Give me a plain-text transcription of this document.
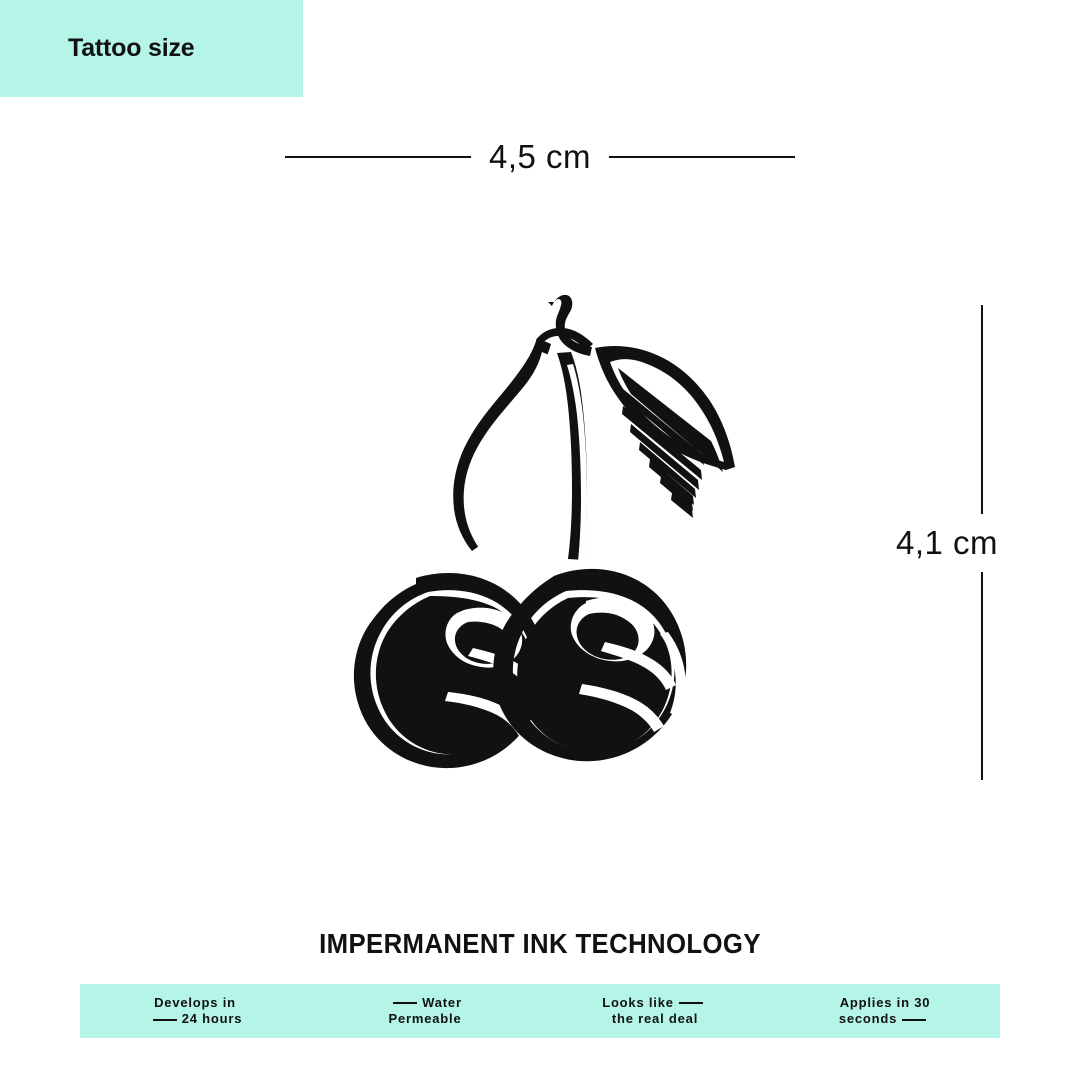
Tattoo size
4,5 cm
4,1 cm
IMPERMANENT INK TECHNOLOGY
Develops in
24 hours
Water
Permeable
Looks like
the real deal
Applies in 30
seconds
